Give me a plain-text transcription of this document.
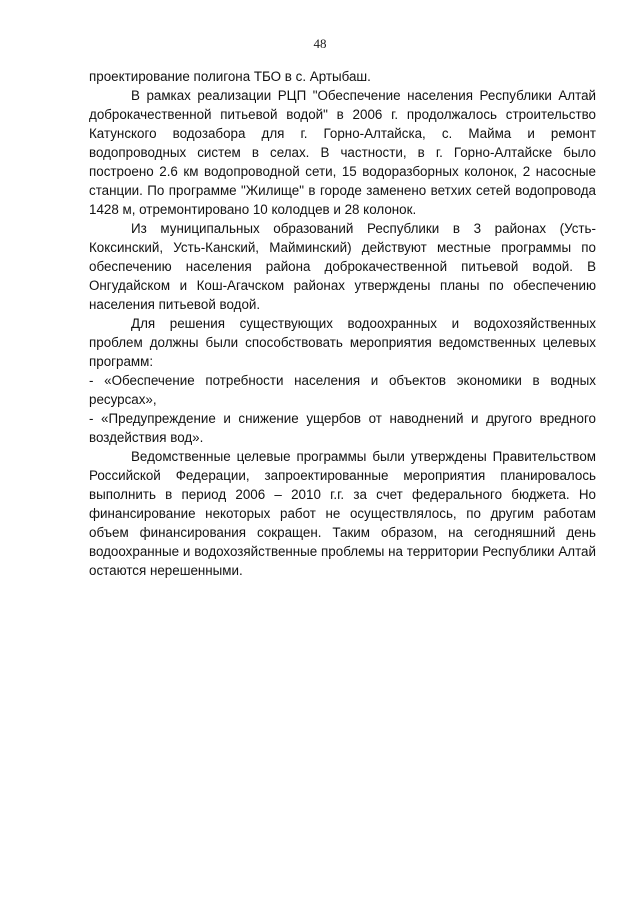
48

проектирование полигона ТБО в с. Артыбаш.

В рамках реализации РЦП "Обеспечение населения Республики Алтай доброкачественной питьевой водой" в 2006 г. продолжалось строительство Катунского водозабора для г. Горно-Алтайска, с. Майма и ремонт водопроводных систем в селах. В частности, в г. Горно-Алтайске было построено 2.6 км водопроводной сети, 15 водоразборных колонок, 2 насосные станции. По программе "Жилище" в городе заменено ветхих сетей водопровода 1428 м, отремонтировано 10 колодцев и 28 колонок.

Из муниципальных образований Республики в 3 районах (Усть-Коксинский, Усть-Канский, Майминский) действуют местные программы по обеспечению населения района доброкачественной питьевой водой. В Онгудайском и Кош-Агачском районах утверждены планы по обеспечению населения питьевой водой.

Для решения существующих водоохранных и водохозяйственных проблем должны были способствовать мероприятия ведомственных целевых программ:

- «Обеспечение потребности населения и объектов экономики в водных ресурсах»,

- «Предупреждение и снижение ущербов от наводнений и другого вредного воздействия вод».

Ведомственные целевые программы были утверждены Правительством Российской Федерации, запроектированные мероприятия планировалось выполнить в период 2006 – 2010 г.г. за счет федерального бюджета. Но финансирование некоторых работ не осуществлялось, по другим работам объем финансирования сокращен. Таким образом, на сегодняшний день водоохранные и водохозяйственные проблемы на территории Республики Алтай остаются нерешенными.
